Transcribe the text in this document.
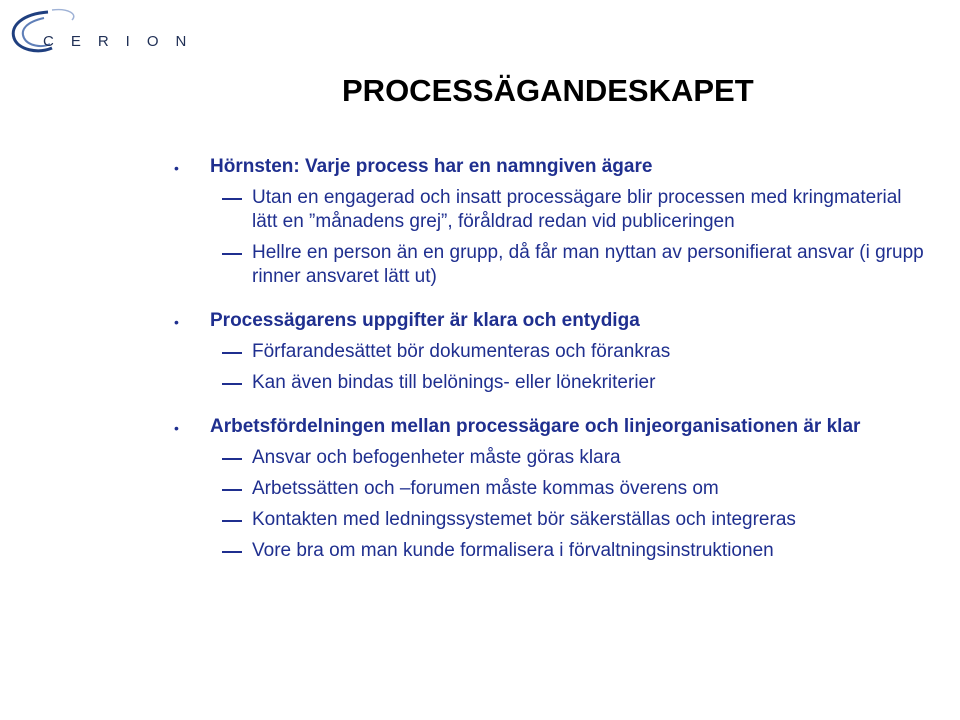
CERION
PROCESSÄGANDESKAPET
• Hörnsten: Varje process har en namngiven ägare
Utan en engagerad och insatt processägare blir processen med kringmaterial lätt en ”månadens grej”, föråldrad redan vid publiceringen
Hellre en person än en grupp, då får man nyttan av personifierat ansvar (i grupp rinner ansvaret lätt ut)
• Processägarens uppgifter är klara och entydiga
Förfarandesättet bör dokumenteras och förankras
Kan även bindas till belönings- eller lönekriterier
• Arbetsfördelningen mellan processägare och linjeorganisationen är klar
Ansvar och befogenheter måste göras klara
Arbetssätten och –forumen måste kommas överens om
Kontakten med ledningssystemet bör säkerställas och integreras
Vore bra om man kunde formalisera i förvaltningsinstruktionen
